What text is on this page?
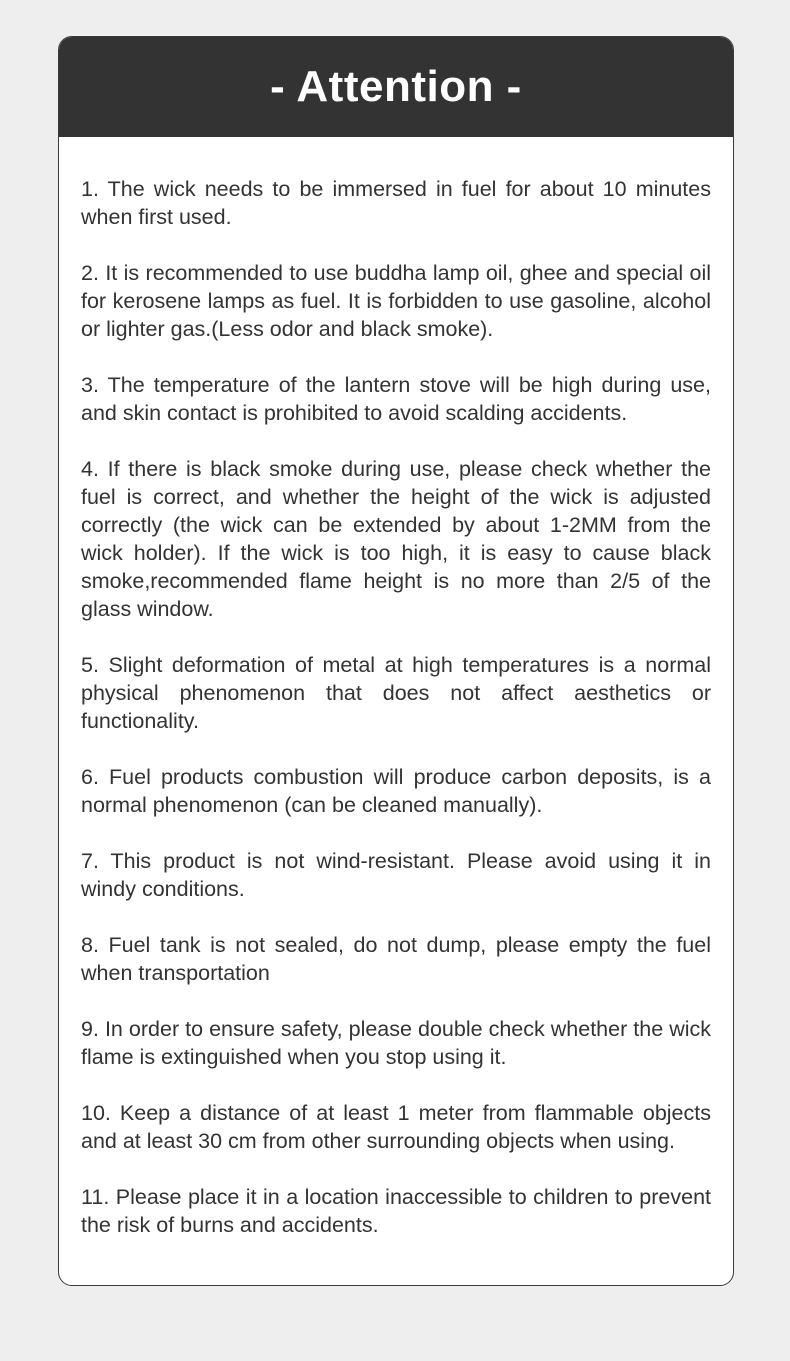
- Attention -

1. The wick needs to be immersed in fuel for about 10 minutes when first used.

2. It is recommended to use buddha lamp oil, ghee and special oil for kerosene lamps as fuel. It is forbidden to use gasoline, alcohol or lighter gas.(Less odor and black smoke).

3. The temperature of the lantern stove will be high during use, and skin contact is prohibited to avoid scalding accidents.

4. If there is black smoke during use, please check whether the fuel is correct, and whether the height of the wick is adjusted correctly (the wick can be extended by about 1-2MM from the wick holder). If the wick is too high, it is easy to cause black smoke,recommended flame height is no more than 2/5 of the glass window.

5. Slight deformation of metal at high temperatures is a normal physical phenomenon that does not affect aesthetics or functionality.

6. Fuel products combustion will produce carbon deposits, is a normal phenomenon (can be cleaned manually).

7. This product is not wind-resistant. Please avoid using it in windy conditions.

8. Fuel tank is not sealed, do not dump, please empty the fuel when transportation

9. In order to ensure safety, please double check whether the wick flame is extinguished when you stop using it.

10. Keep a distance of at least 1 meter from flammable objects and at least 30 cm from other surrounding objects when using.

11. Please place it in a location inaccessible to children to prevent the risk of burns and accidents.
